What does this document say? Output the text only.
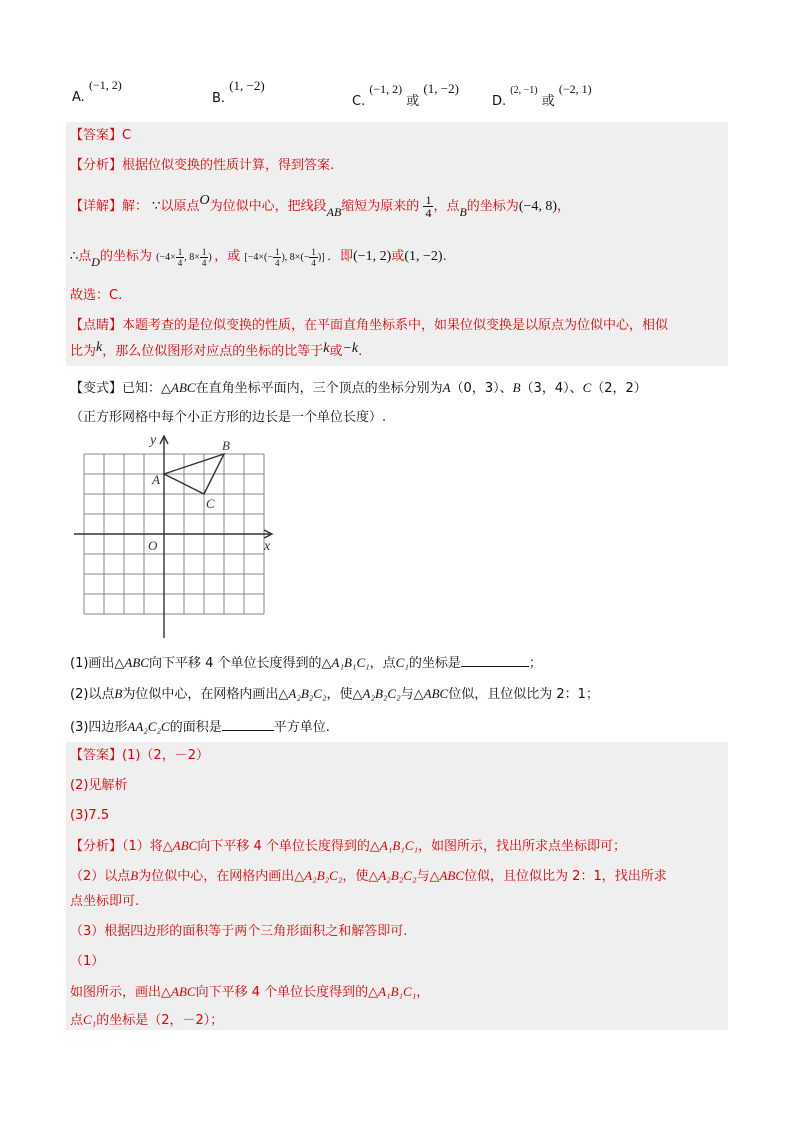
A. (−1, 2)
B. (1, −2)
C. (−1, 2) 或 (1, −2)
D. $^{(2, -1)}$ 或 (−2, 1)
【答案】C
【分析】根据位似变换的性质计算，得到答案.
【详解】解： ∵以原点O为位似中心，把线段AB缩短为原来的 $\frac{1}{4}$ ，点B的坐标为(−4, 8)，
∴点D的坐标为 ($-4\times \frac{1}{4}$ , $8\times \frac{1}{4}$ ) ，或 [$-4\times(- \frac{1}{4}$ ), $8\times(- \frac{1}{4}$ )] ．即(−1, 2)或(1, −2).
故选：C.
【点睛】本题考查的是位似变换的性质，在平面直角坐标系中，如果位似变换是以原点为位似中心，相似
比为k，那么位似图形对应点的坐标的比等于k或−k.
【变式】已知：△ABC在直角坐标平面内，三个顶点的坐标分别为A（0，3）、B（3，4）、C（2，2）
（正方形网格中每个小正方形的边长是一个单位长度）.
y
x
O
A
B
C
(1)画出△ABC向下平移 4 个单位长度得到的△A₁B₁C₁，点C₁的坐标是	；
(2)以点B为位似中心，在网格内画出△A₂B₂C₂，使△A₂B₂C₂与△ABC位似，且位似比为 2：1；
(3)四边形AA₂C₂C的面积是	平方单位.
【答案】(1)（2，－2）
(2)见解析
(3)7.5
【分析】（1）将△ABC向下平移 4 个单位长度得到的△A₁B₁C₁，如图所示，找出所求点坐标即可；
（2）以点B为位似中心，在网格内画出△A₂B₂C₂，使△A₂B₂C₂与△ABC位似，且位似比为 2：1，找出所求
点坐标即可.
（3）根据四边形的面积等于两个三角形面积之和解答即可.
（1）
如图所示，画出△ABC向下平移 4 个单位长度得到的△A₁B₁C₁，
点C₁的坐标是（2，－2）；
